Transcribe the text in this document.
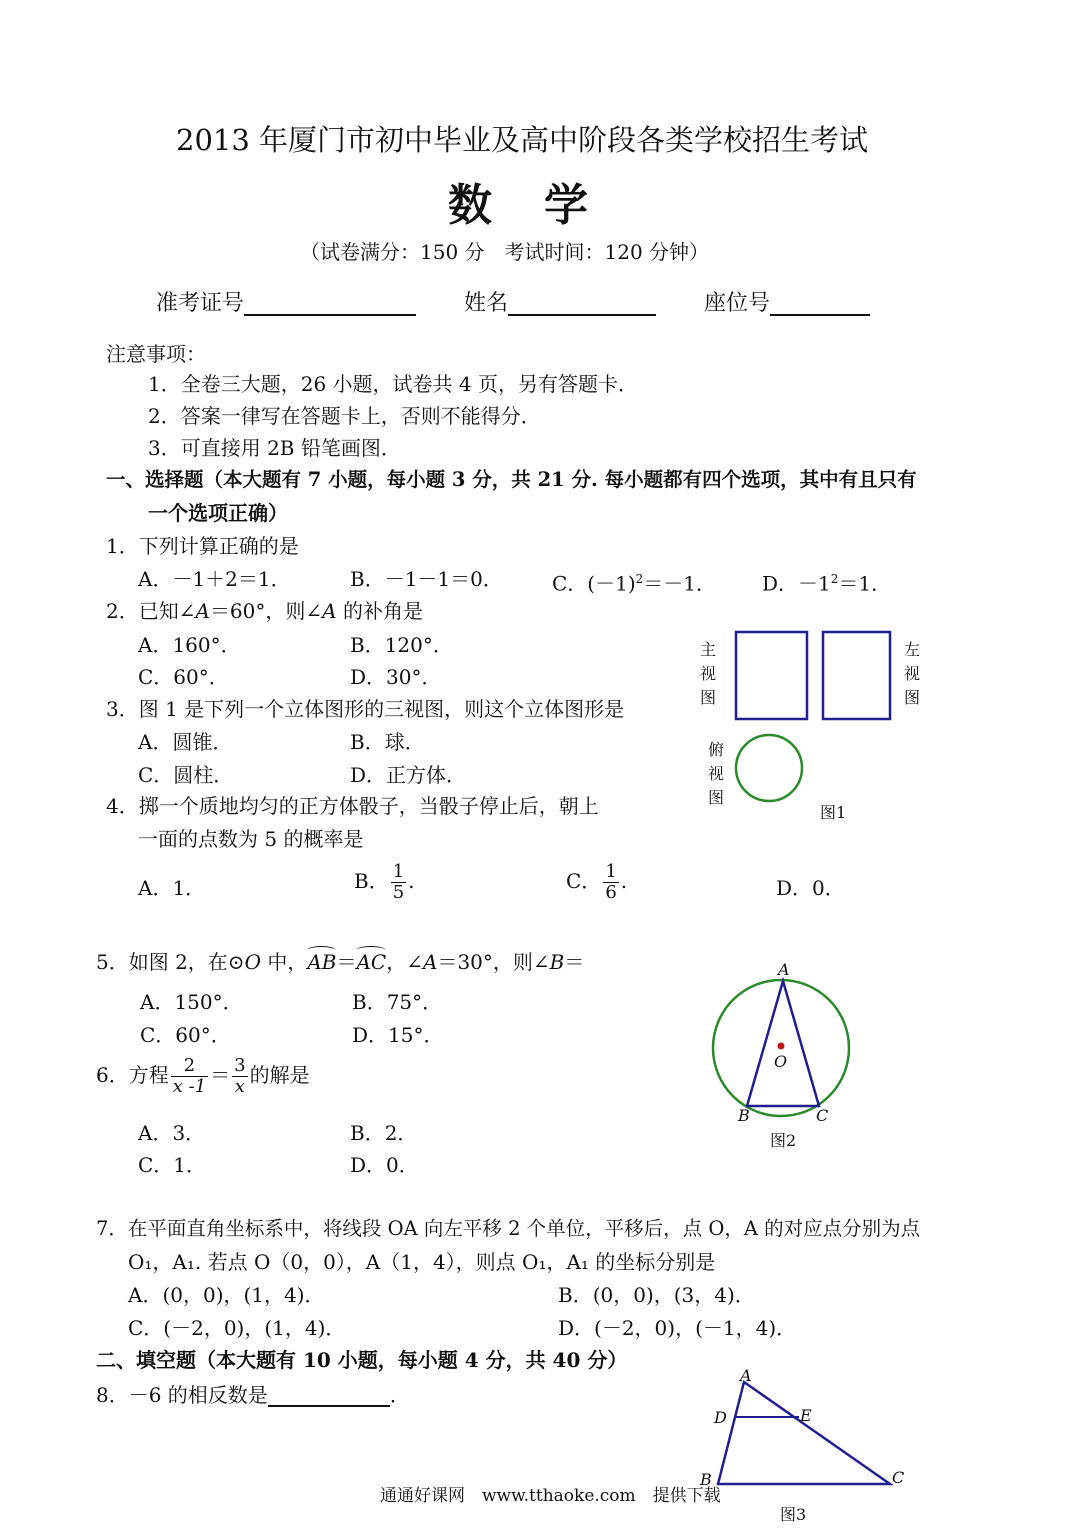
2013 年厦门市初中毕业及高中阶段各类学校招生考试
数　学
（试卷满分：150 分　考试时间：120 分钟）
准考证号	姓名	座位号
注意事项：
1．全卷三大题，26 小题，试卷共 4 页，另有答题卡．
2．答案一律写在答题卡上，否则不能得分．
3．可直接用 2B 铅笔画图．
一、选择题（本大题有 7 小题，每小题 3 分，共 21 分. 每小题都有四个选项，其中有且只有
一个选项正确）
1．下列计算正确的是
A．－1＋2＝1．	B．－1－1＝0． C．$(-1)^2=-1$． D．$-1^2=1$．
2．已知∠A＝60°，则∠A 的补角是
A．160°．	B．120°．
C．60°．	D．30°．
3．图 1 是下列一个立体图形的三视图，则这个立体图形是
A．圆锥．	B．球．
C．圆柱．	D．正方体．
主视图
左视图
俯视图
图1
4．掷一个质地均匀的正方体骰子，当骰子停止后，朝上
一面的点数为 5 的概率是
A．1．	B． $\frac{1}{5}$ .	C． $\frac{1}{6}$ .	D．0．
5．如图 2，在⊙O 中，AB＝AC，∠A＝30°，则∠B＝
A．150°．	B．75°．
C．60°．	D．15°．
A
O
B	C
图2
6．方程 $\frac{2}{x -1} = \frac{3}{x}$ 的解是
A．3．	B．2．
C．1．	D．0．
7．在平面直角坐标系中，将线段 OA 向左平移 2 个单位，平移后，点 O，A 的对应点分别为点
O₁，A₁. 若点 O（0，0），A（1，4），则点 O₁，A₁ 的坐标分别是
A．(0，0)，(1，4)．	B．(0，0)，(3，4)．
C．(－2，0)，(1，4)．	D．(－2，0)，(－1，4)．
二、填空题（本大题有 10 小题，每小题 4 分，共 40 分）
8．－6 的相反数是	．
A
D	E
B	C
图3
通通好课网　www.tthaoke.com　提供下载
